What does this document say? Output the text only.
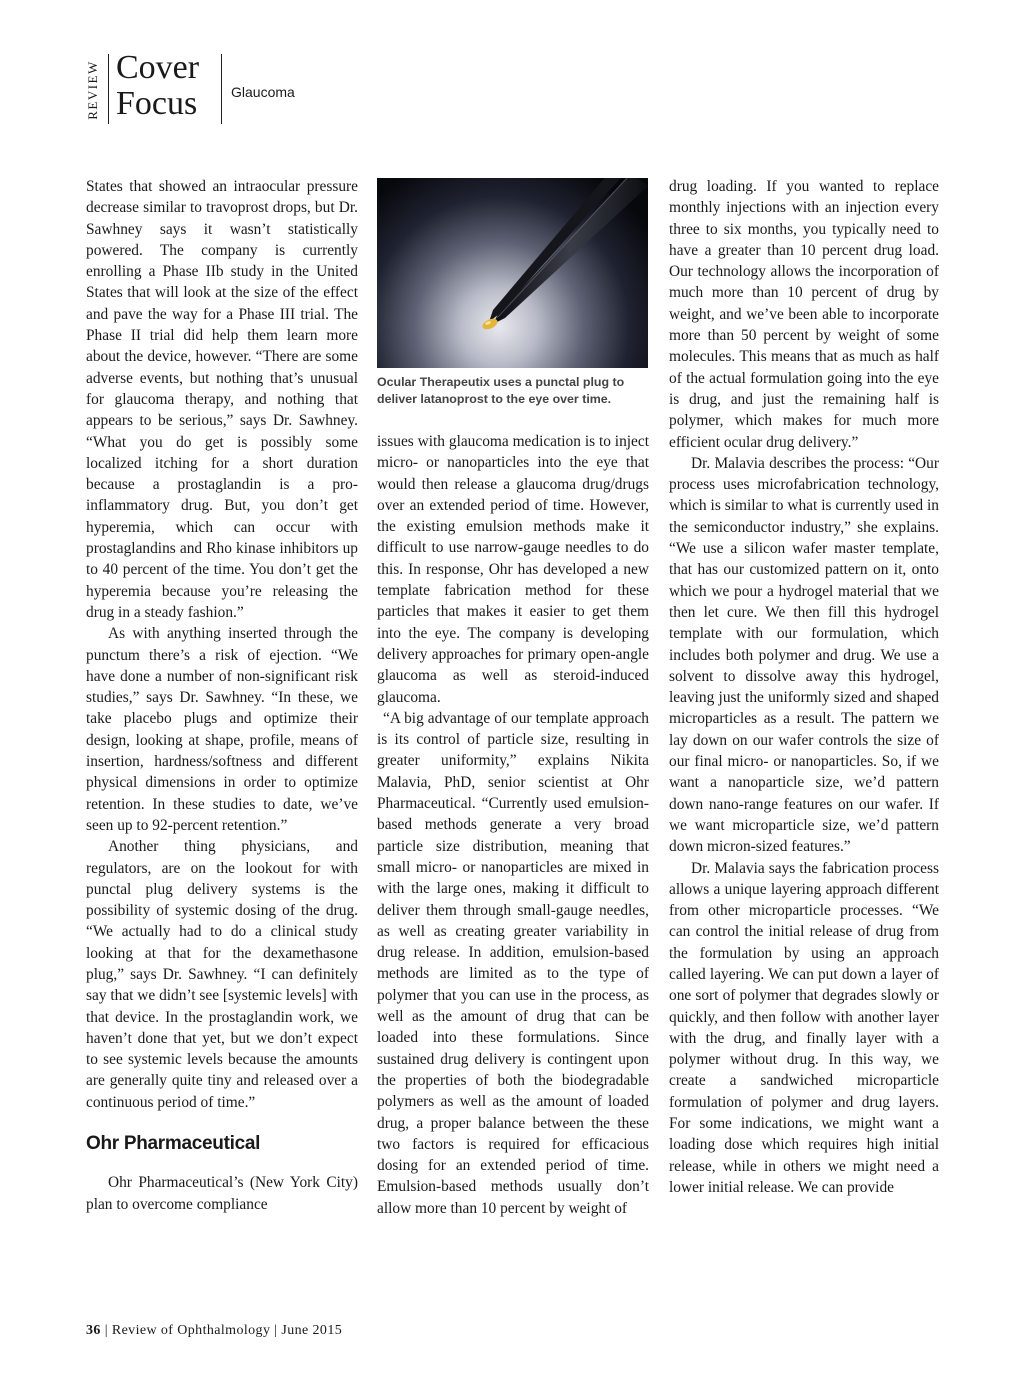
REVIEW Cover
Focus Glaucoma

States that showed an intraocular pressure decrease similar to travoprost drops, but Dr. Sawhney says it wasn’t statistically powered. The company is currently enrolling a Phase IIb study in the United States that will look at the size of the effect and pave the way for a Phase III trial. The Phase II trial did help them learn more about the device, however. “There are some adverse events, but nothing that’s unusual for glaucoma therapy, and nothing that appears to be serious,” says Dr. Sawhney. “What you do get is possibly some localized itching for a short duration because a prostaglandin is a pro-inflammatory drug. But, you don’t get hyperemia, which can occur with prostaglandins and Rho kinase inhibitors up to 40 percent of the time. You don’t get the hyperemia because you’re releasing the drug in a steady fashion.”

As with anything inserted through the punctum there’s a risk of ejection. “We have done a number of non-significant risk studies,” says Dr. Sawhney. “In these, we take placebo plugs and optimize their design, looking at shape, profile, means of insertion, hardness/softness and different physical dimensions in order to optimize retention. In these studies to date, we’ve seen up to 92-percent retention.”

Another thing physicians, and regulators, are on the lookout for with punctal plug delivery systems is the possibility of systemic dosing of the drug. “We actually had to do a clinical study looking at that for the dexamethasone plug,” says Dr. Sawhney. “I can definitely say that we didn’t see [systemic levels] with that device. In the prostaglandin work, we haven’t done that yet, but we don’t expect to see systemic levels because the amounts are generally quite tiny and released over a continuous period of time.”

Ohr Pharmaceutical

Ohr Pharmaceutical’s (New York City) plan to overcome compliance

Ocular Therapeutix uses a punctal plug to deliver latanoprost to the eye over time.

issues with glaucoma medication is to inject micro- or nanoparticles into the eye that would then release a glaucoma drug/drugs over an extended period of time. However, the existing emulsion methods make it difficult to use narrow-gauge needles to do this. In response, Ohr has developed a new template fabrication method for these particles that makes it easier to get them into the eye. The company is developing delivery approaches for primary open-angle glaucoma as well as steroid-induced glaucoma.

“A big advantage of our template approach is its control of particle size, resulting in greater uniformity,” explains Nikita Malavia, PhD, senior scientist at Ohr Pharmaceutical. “Currently used emulsion-based methods generate a very broad particle size distribution, meaning that small micro- or nanoparticles are mixed in with the large ones, making it difficult to deliver them through small-gauge needles, as well as creating greater variability in drug release. In addition, emulsion-based methods are limited as to the type of polymer that you can use in the process, as well as the amount of drug that can be loaded into these formulations. Since sustained drug delivery is contingent upon the properties of both the biodegradable polymers as well as the amount of loaded drug, a proper balance between the these two factors is required for efficacious dosing for an extended period of time. Emulsion-based methods usually don’t allow more than 10 percent by weight of

drug loading. If you wanted to replace monthly injections with an injection every three to six months, you typically need to have a greater than 10 percent drug load. Our technology allows the incorporation of much more than 10 percent of drug by weight, and we’ve been able to incorporate more than 50 percent by weight of some molecules. This means that as much as half of the actual formulation going into the eye is drug, and just the remaining half is polymer, which makes for much more efficient ocular drug delivery.”

Dr. Malavia describes the process: “Our process uses microfabrication technology, which is similar to what is currently used in the semiconductor industry,” she explains. “We use a silicon wafer master template, that has our customized pattern on it, onto which we pour a hydrogel material that we then let cure. We then fill this hydrogel template with our formulation, which includes both polymer and drug. We use a solvent to dissolve away this hydrogel, leaving just the uniformly sized and shaped microparticles as a result. The pattern we lay down on our wafer controls the size of our final micro- or nanoparticles. So, if we want a nanoparticle size, we’d pattern down nano-range features on our wafer. If we want microparticle size, we’d pattern down micron-sized features.”

Dr. Malavia says the fabrication process allows a unique layering approach different from other microparticle processes. “We can control the initial release of drug from the formulation by using an approach called layering. We can put down a layer of one sort of polymer that degrades slowly or quickly, and then follow with another layer with the drug, and finally layer with a polymer without drug. In this way, we create a sandwiched microparticle formulation of polymer and drug layers. For some indications, we might want a loading dose which requires high initial release, while in others we might need a lower initial release. We can provide

36 | Review of Ophthalmology | June 2015
